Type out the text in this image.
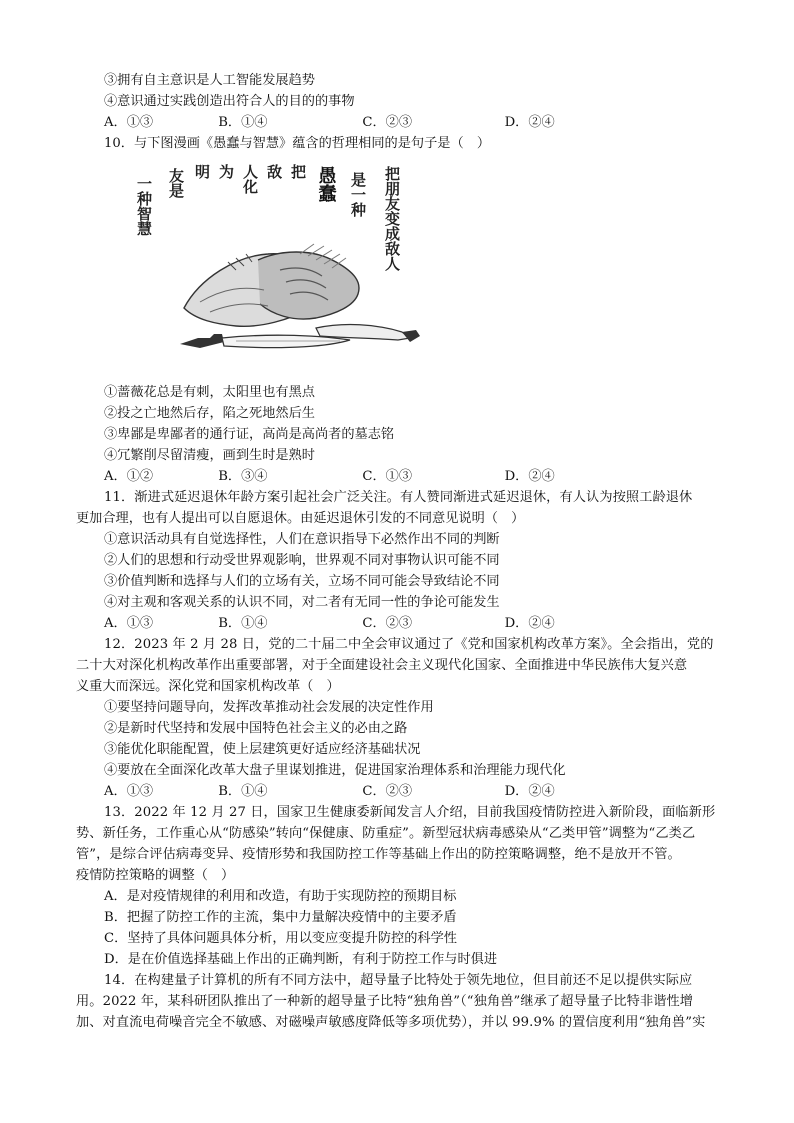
③拥有自主意识是人工智能发展趋势
④意识通过实践创造出符合人的目的的事物
A．①③	B．①④	C．②③	D．②④
10．与下图漫画《愚蠢与智慧》蕴含的哲理相同的是句子是（　）
一种智慧 友是 明 为 人化 敌 把 愚蠢 是一种 把朋友变成敌人
①蔷薇花总是有刺，太阳里也有黑点
②投之亡地然后存，陷之死地然后生
③卑鄙是卑鄙者的通行证，高尚是高尚者的墓志铭
④冗繁削尽留清瘦，画到生时是熟时
A．①②	B．③④	C．①③	D．②④
11．渐进式延迟退休年龄方案引起社会广泛关注。有人赞同渐进式延迟退休，有人认为按照工龄退休
更加合理，也有人提出可以自愿退休。由延迟退休引发的不同意见说明（　）
①意识活动具有自觉选择性，人们在意识指导下必然作出不同的判断
②人们的思想和行动受世界观影响，世界观不同对事物认识可能不同
③价值判断和选择与人们的立场有关，立场不同可能会导致结论不同
④对主观和客观关系的认识不同，对二者有无同一性的争论可能发生
A．①③	B．①④	C．②③	D．②④
12．2023 年 2 月 28 日，党的二十届二中全会审议通过了《党和国家机构改革方案》。全会指出，党的
二十大对深化机构改革作出重要部署，对于全面建设社会主义现代化国家、全面推进中华民族伟大复兴意
义重大而深远。深化党和国家机构改革（　）
①要坚持问题导向，发挥改革推动社会发展的决定性作用
②是新时代坚持和发展中国特色社会主义的必由之路
③能优化职能配置，使上层建筑更好适应经济基础状况
④要放在全面深化改革大盘子里谋划推进，促进国家治理体系和治理能力现代化
A．①③	B．①④	C．②③	D．②④
13．2022 年 12 月 27 日，国家卫生健康委新闻发言人介绍，目前我国疫情防控进入新阶段，面临新形
势、新任务，工作重心从“防感染”转向“保健康、防重症”。新型冠状病毒感染从“乙类甲管”调整为“乙类乙
管”，是综合评估病毒变异、疫情形势和我国防控工作等基础上作出的防控策略调整，绝不是放开不管。
疫情防控策略的调整（　）
A．是对疫情规律的利用和改造，有助于实现防控的预期目标
B．把握了防控工作的主流，集中力量解决疫情中的主要矛盾
C．坚持了具体问题具体分析，用以变应变提升防控的科学性
D．是在价值选择基础上作出的正确判断，有利于防控工作与时俱进
14．在构建量子计算机的所有不同方法中，超导量子比特处于领先地位，但目前还不足以提供实际应
用。2022 年，某科研团队推出了一种新的超导量子比特“独角兽”（“独角兽”继承了超导量子比特非谐性增
加、对直流电荷噪音完全不敏感、对磁噪声敏感度降低等多项优势），并以 99.9% 的置信度利用“独角兽”实
